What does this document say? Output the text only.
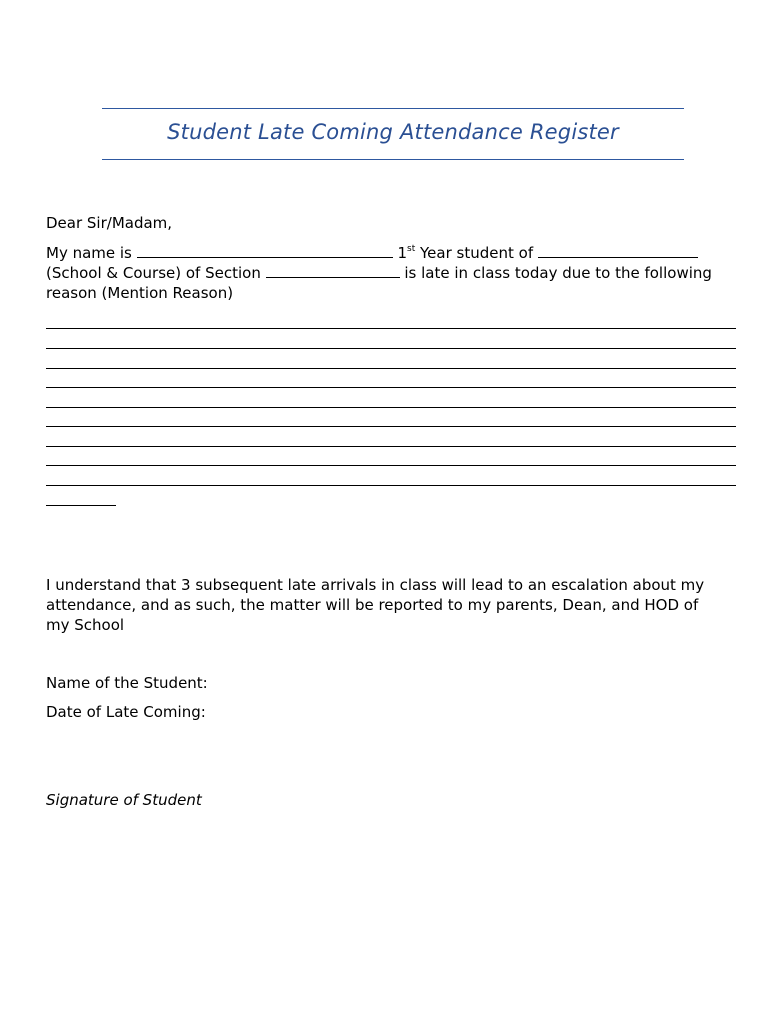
Student Late Coming Attendance Register
Dear Sir/Madam,
My name is	1st Year student of
(School & Course) of Section	is late in class today due to the following
reason (Mention Reason)
I understand that 3 subsequent late arrivals in class will lead to an escalation about my
attendance, and as such, the matter will be reported to my parents, Dean, and HOD of
my School
Name of the Student:
Date of Late Coming:
Signature of Student
